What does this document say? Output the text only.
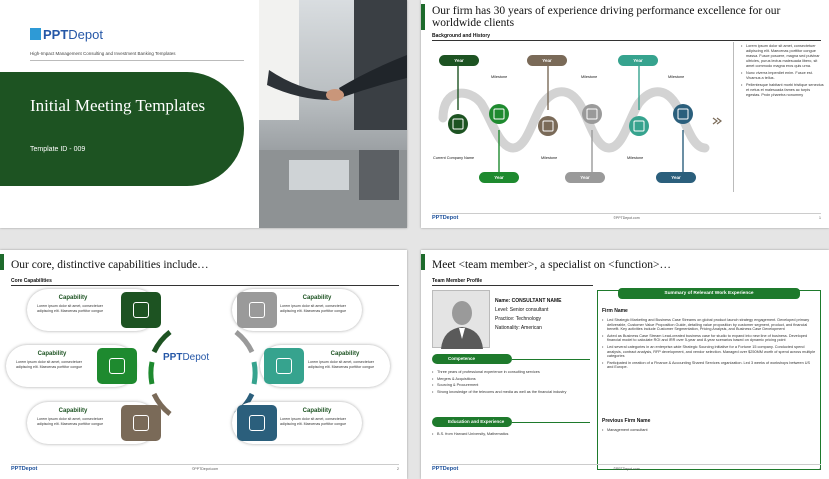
PPTDepot
High-Impact Management Consulting and Investment Banking Templates
Initial Meeting Templates
Template ID - 009
Our firm has 30 years of experience driving performance excellence for our worldwide clients
Background and History
Year	Year	Year
Year	Year	Year
Milestone	Milestone	Milestone
Current Company Name	Milestone	Milestone
• Lorem ipsum dolor sit amet, consectetuer adipiscing elit. Maecenas porttitor congue massa. Fusce posuere, magna sed pulvinar ultricies, purus lectus malesuada libero, sit amet commodo magna eros quis urna.
• Nunc viverra imperdiet enim. Fusce est. Vivamus a tellus.
• Pellentesque habitant morbi tristique senectus et netus et malesuada fames ac turpis egestas. Proin pharetra nonummy
PPTDepot	©PPTDepot.com	1
Our core, distinctive capabilities include…
Core Capabilities
PPTDepot
Capability
Lorem ipsum dolor sit amet, consectetuer adipiscing elit. Maecenas porttitor congue
Capability
Lorem ipsum dolor sit amet, consectetuer adipiscing elit. Maecenas porttitor congue
Capability
Lorem ipsum dolor sit amet, consectetuer adipiscing elit. Maecenas porttitor congue
Capability
Lorem ipsum dolor sit amet, consectetuer adipiscing elit. Maecenas porttitor congue
Capability
Lorem ipsum dolor sit amet, consectetuer adipiscing elit. Maecenas porttitor congue
Capability
Lorem ipsum dolor sit amet, consectetuer adipiscing elit. Maecenas porttitor congue
PPTDepot	©PPTDepot.com	2
Meet <team member>, a specialist on <function>…
Team Member Profile
Name: CONSULTANT NAME
Level: Senior consultant
Practice: Technology
Nationality: American
Competence
• Three years of professional experience in consulting services
• Mergers & Acquisitions
• Sourcing & Procurement
• Strong knowledge of the telecoms and media as well as the financial industry
Education and Experience
• B.S. from Harvard University, Mathematics
Summary of Relevant Work Experience
Firm Name
• Led Strategic Marketing and Business Case Streams on global product launch strategy engagement. Developed primary deliverable, Customer Value Proposition Guide, detailing value proposition by customer segment, product, and financial benefit. Key activities include Customer Segmentation, Pricing Analysis, and Business Case Development
• Acted as Business Case Stream Lead-created business case for studio to expand into new line of business. Developed financial model to calculate ROI and IRR over 5-year and 8-year scenarios based on dynamic pricing point
• Led several categories in an enterprise-wide Strategic Sourcing initiative for a Fortune 15 company. Conducted spend analysis, contract analysis, RFP development, and vendor selection. Managed over $250MM worth of spend across multiple categories
• Participated in creation of a Finance & Accounting Shared Services organization. Led 3 weeks of workshops between US and Europe.
Previous Firm Name
• Management consultant
PPTDepot	©PPTDepot.com	4
